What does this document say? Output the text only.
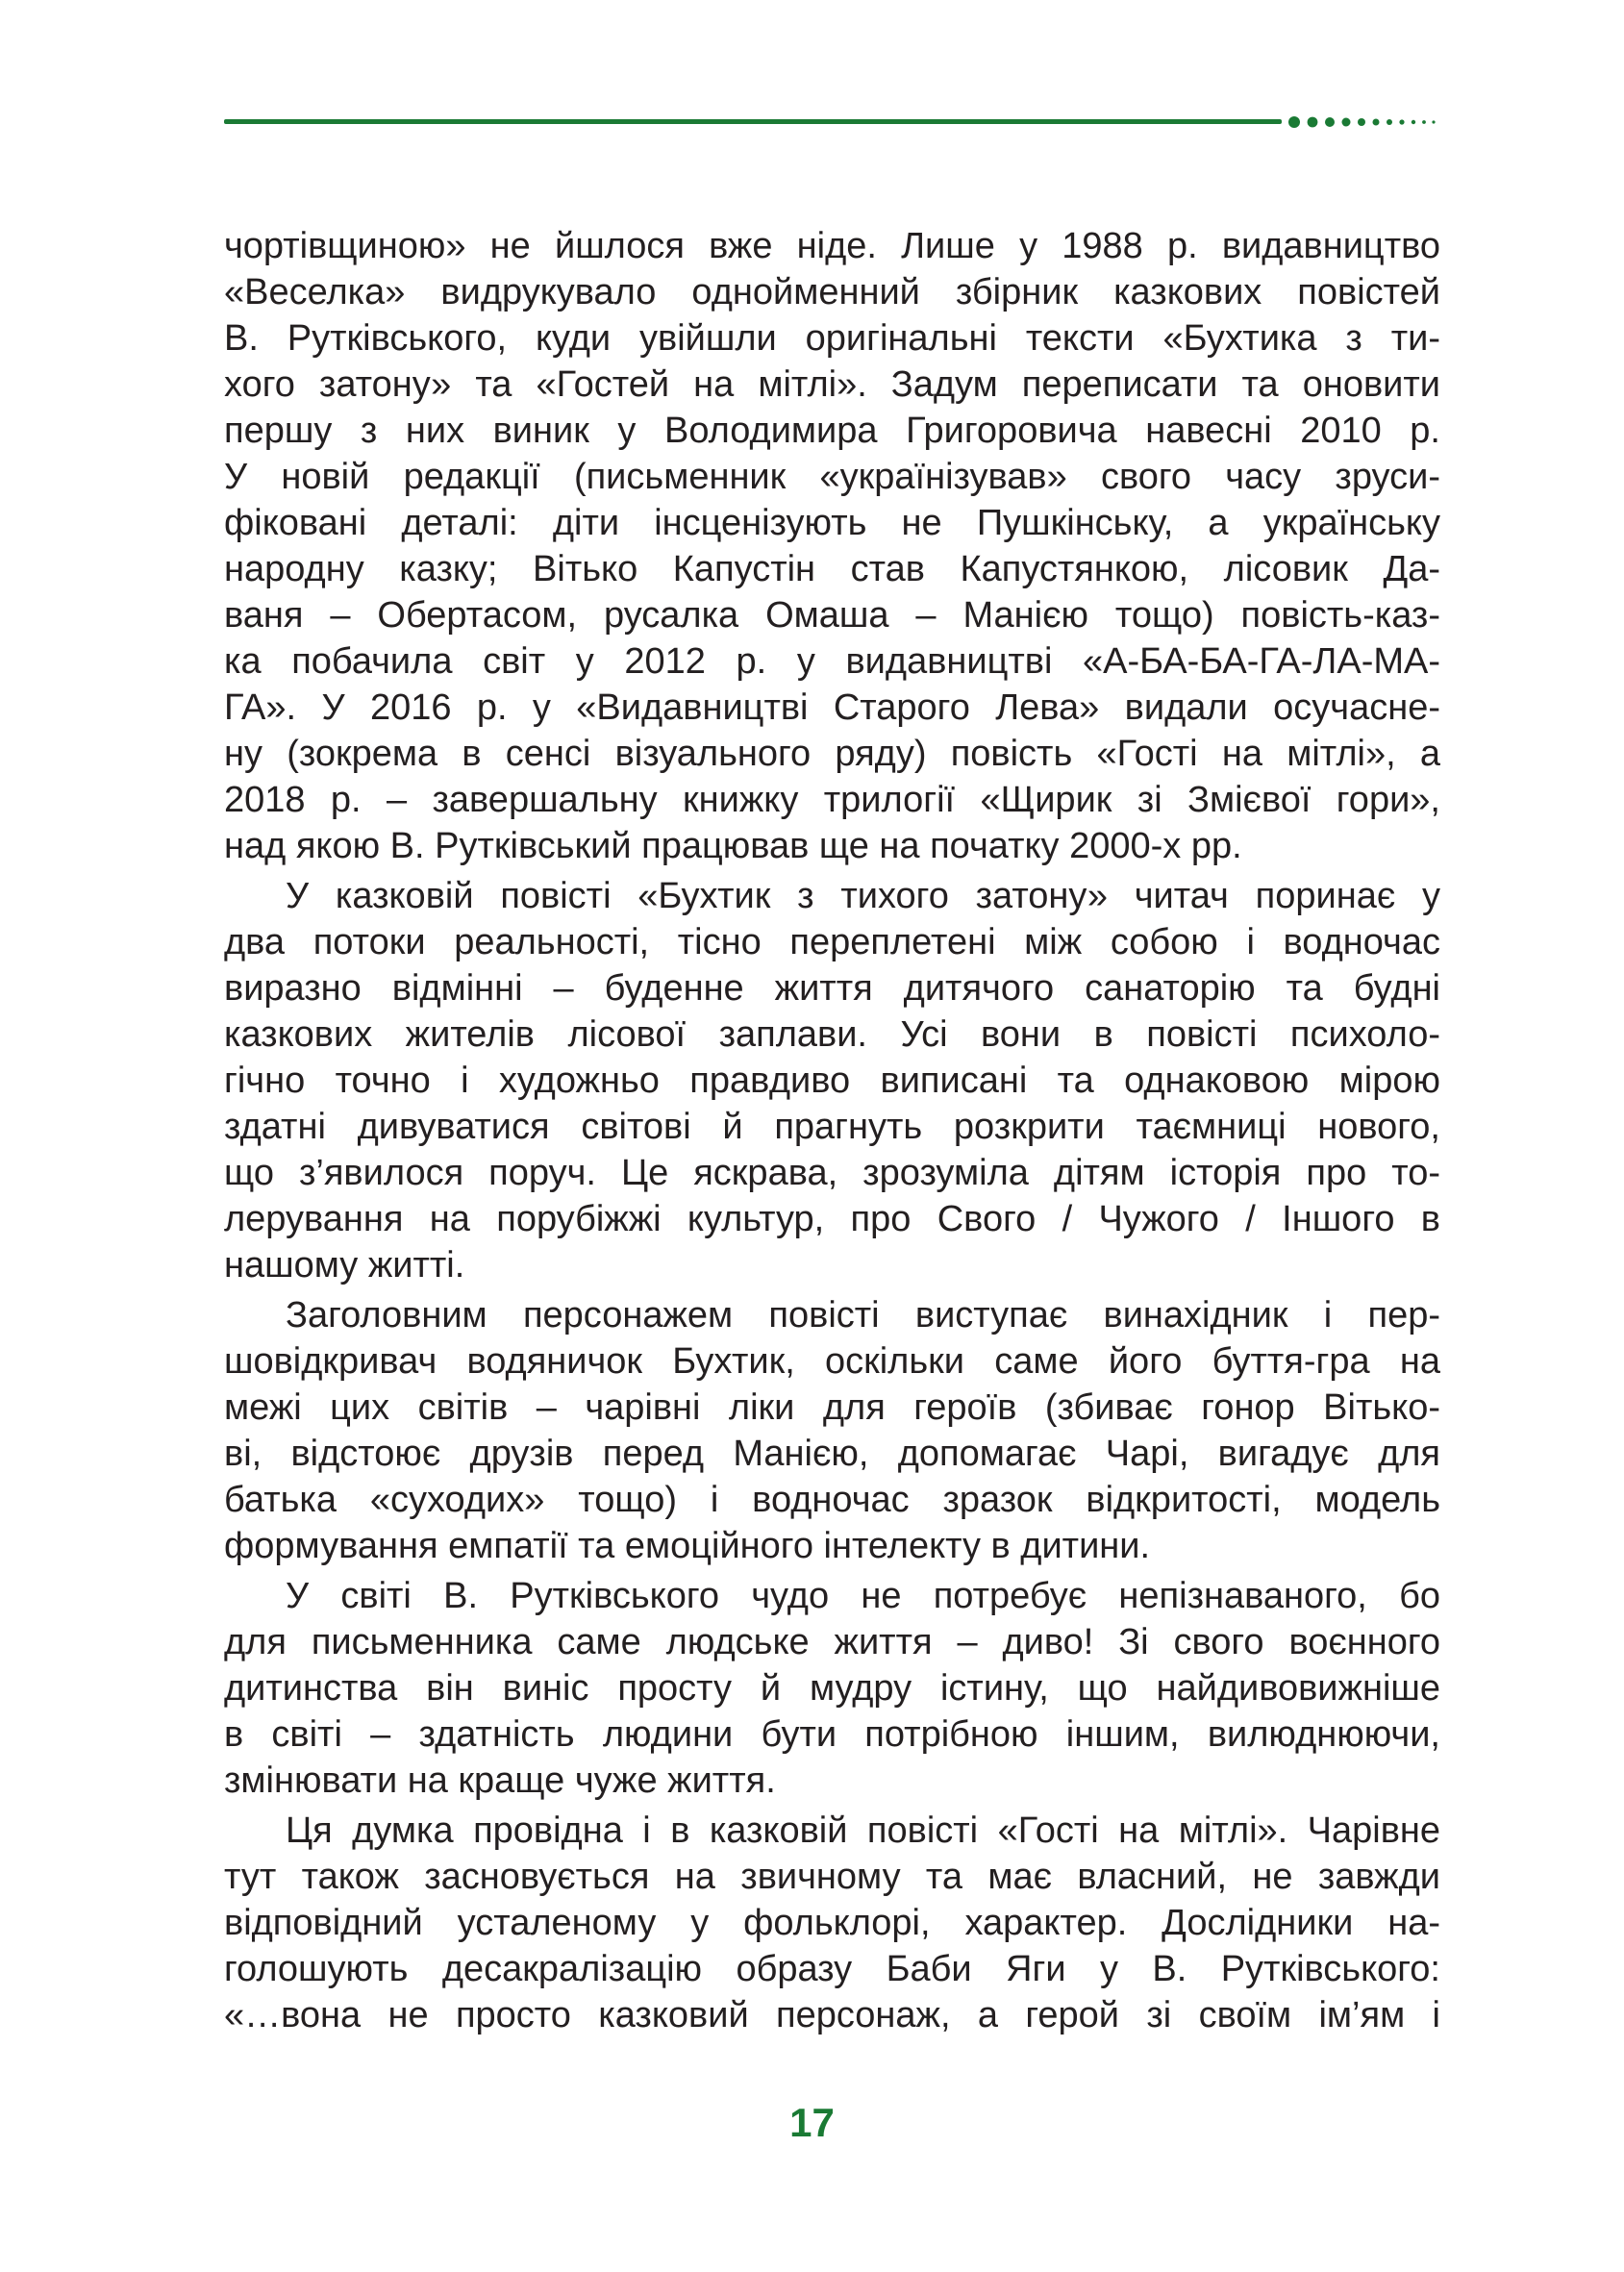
чортівщиною» не йшлося вже ніде. Лише у 1988 р. видавництво
«Веселка» видрукувало однойменний збірник казкових повістей
В. Рутківського, куди увійшли оригінальні тексти «Бухтика з ти-
хого затону» та «Гостей на мітлі». Задум переписати та оновити
першу з них виник у Володимира Григоровича навесні 2010 р.
У новій редакції (письменник «українізував» свого часу зруси-
фіковані деталі: діти інсценізують не Пушкінську, а українську
народну казку; Вітько Капустін став Капустянкою, лісовик Да-
ваня – Обертасом, русалка Омаша – Манією тощо) повість-каз-
ка побачила світ у 2012 р. у видавництві «А-БА-БА-ГА-ЛА-МА-
ГА». У 2016 р. у «Видавництві Старого Лева» видали осучасне-
ну (зокрема в сенсі візуального ряду) повість «Гості на мітлі», а
2018 р. – завершальну книжку трилогії «Щирик зі Змієвої гори»,
над якою В. Рутківський працював ще на початку 2000-х рр.
У казковій повісті «Бухтик з тихого затону» читач поринає у
два потоки реальності, тісно переплетені між собою і водночас
виразно відмінні – буденне життя дитячого санаторію та будні
казкових жителів лісової заплави. Усі вони в повісті психоло-
гічно точно і художньо правдиво виписані та однаковою мірою
здатні дивуватися світові й прагнуть розкрити таємниці нового,
що з’явилося поруч. Це яскрава, зрозуміла дітям історія про то-
лерування на порубіжжі культур, про Свого / Чужого / Іншого в
нашому житті.
Заголовним персонажем повісті виступає винахідник і пер-
шовідкривач водяничок Бухтик, оскільки саме його буття-гра на
межі цих світів – чарівні ліки для героїв (збиває гонор Вітько-
ві, відстоює друзів перед Манією, допомагає Чарі, вигадує для
батька «суходих» тощо) і водночас зразок відкритості, модель
формування емпатії та емоційного інтелекту в дитини.
У світі В. Рутківського чудо не потребує непізнаваного, бо
для письменника саме людське життя – диво! Зі свого воєнного
дитинства він виніс просту й мудру істину, що найдивовижніше
в світі – здатність людини бути потрібною іншим, вилюднюючи,
змінювати на краще чуже життя.
Ця думка провідна і в казковій повісті «Гості на мітлі». Чарівне
тут також засновується на звичному та має власний, не завжди
відповідний усталеному у фольклорі, характер. Дослідники на-
голошують десакралізацію образу Баби Яги у В. Рутківського:
«…вона не просто казковий персонаж, а герой зі своїм ім’ям і
17
